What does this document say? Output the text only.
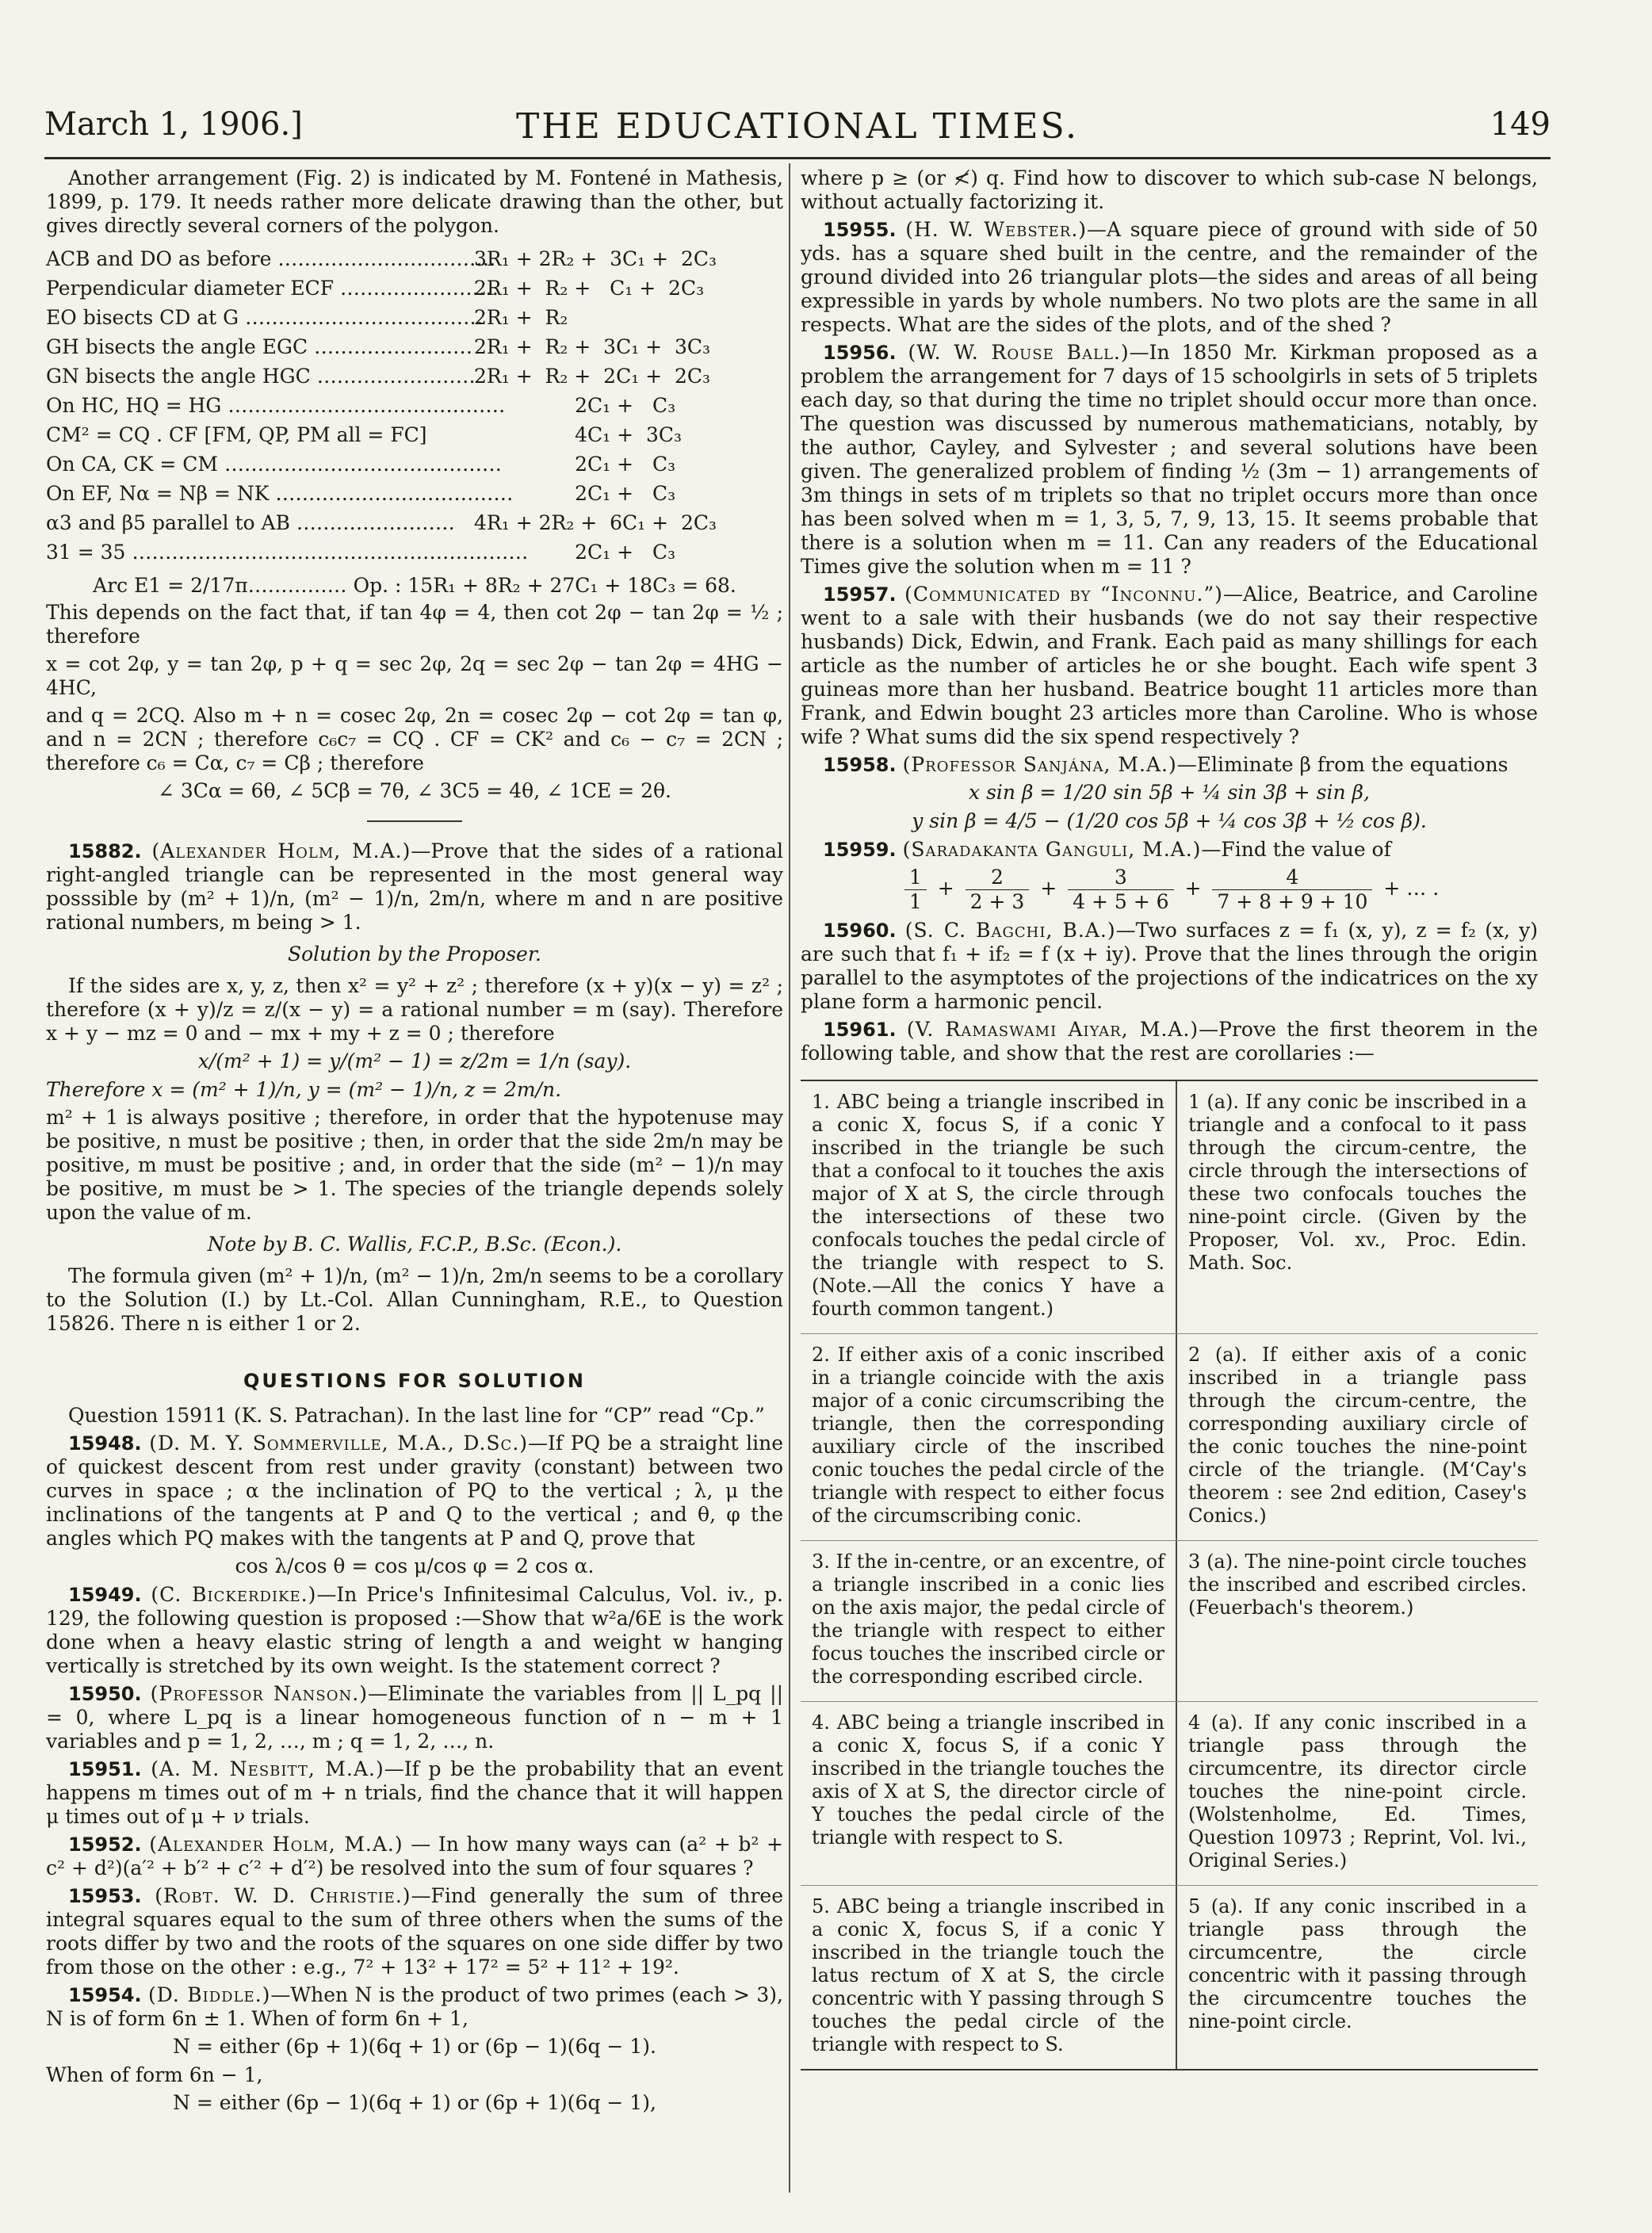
THE EDUCATIONAL TIMES.
March 1, 1906.]	149

Another arrangement (Fig. 2) is indicated by M. Fontené in Mathesis, 1899, p. 179. It needs rather more delicate drawing than the other, but gives directly several corners of the polygon.

ACB and DO as before ……………………………
3R₁ + 2R₂ +  3C₁ +  2C₃
Perpendicular diameter ECF ……………………
2R₁ +  R₂ +   C₁ +  2C₃
EO bisects CD at G ………………………………
2R₁ +  R₂
GH bisects the angle EGC …………………… 2R₁ +  R₂ +  3C₁ +  3C₃
GN bisects the angle HGC ……………………
2R₁ +  R₂ +  2C₁ +  2C₃
On HC, HQ = HG ……………………………………
2C₁ +   C₃
CM² = CQ . CF [FM, QP, PM all = FC]	4C₁ +  3C₃
On CA, CK = CM ……………………………………
2C₁ +   C₃
On EF, Nα = Nβ = NK ………………………………
2C₁ +   C₃
α3 and β5 parallel to AB …………………… 4R₁ + 2R₂ +  6C₁ +  2C₃
31 = 35 ……………………………………………………
2C₁ +   C₃

Arc E1 = 2/17π…………… Op. : 15R₁ + 8R₂ + 27C₁ + 18C₃ = 68.

This depends on the fact that, if tan 4φ = 4, then cot 2φ − tan 2φ = ½ ; therefore

x = cot 2φ, y = tan 2φ, p + q = sec 2φ, 2q = sec 2φ − tan 2φ = 4HG − 4HC,

and q = 2CQ. Also m + n = cosec 2φ, 2n = cosec 2φ − cot 2φ = tan φ, and n = 2CN ; therefore c₆c₇ = CQ . CF = CK² and c₆ − c₇ = 2CN ; therefore c₆ = Cα, c₇ = Cβ ; therefore

∠ 3Cα = 6θ, ∠ 5Cβ = 7θ, ∠ 3C5 = 4θ, ∠ 1CE = 2θ.

15882. (Alexander Holm, M.A.)—Prove that the sides of a rational right-angled triangle can be represented in the most general way posssible by (m² + 1)/n, (m² − 1)/n, 2m/n, where m and n are positive rational numbers, m being > 1.

Solution by the Proposer.

If the sides are x, y, z, then x² = y² + z² ; therefore (x + y)(x − y) = z² ; therefore (x + y)/z = z/(x − y) = a rational number = m (say). Therefore x + y − mz = 0 and − mx + my + z = 0 ; therefore

x/(m² + 1) = y/(m² − 1) = z/2m = 1/n (say).

Therefore x = (m² + 1)/n, y = (m² − 1)/n, z = 2m/n.

m² + 1 is always positive ; therefore, in order that the hypotenuse may be positive, n must be positive ; then, in order that the side 2m/n may be positive, m must be positive ; and, in order that the side (m² − 1)/n may be positive, m must be > 1. The species of the triangle depends solely upon the value of m.

Note by B. C. Wallis, F.C.P., B.Sc. (Econ.).

The formula given (m² + 1)/n, (m² − 1)/n, 2m/n seems to be a corollary to the Solution (I.) by Lt.-Col. Allan Cunningham, R.E., to Question 15826. There n is either 1 or 2.

QUESTIONS FOR SOLUTION

Question 15911 (K. S. Patrachan). In the last line for “CP” read “Cp.”

15948. (D. M. Y. Sommerville, M.A., D.Sc.)—If PQ be a straight line of quickest descent from rest under gravity (constant) between two curves in space ; α the inclination of PQ to the vertical ; λ, μ the inclinations of the tangents at P and Q to the vertical ; and θ, φ the angles which PQ makes with the tangents at P and Q, prove that

cos λ/cos θ = cos μ/cos φ = 2 cos α.

15949. (C. Bickerdike.)—In Price's Infinitesimal Calculus, Vol. iv., p. 129, the following question is proposed :—Show that w²a/6E is the work done when a heavy elastic string of length a and weight w hanging vertically is stretched by its own weight. Is the statement correct ?

15950. (Professor Nanson.)—Eliminate the variables from || L_pq || = 0, where L_pq is a linear homogeneous function of n − m + 1 variables and p = 1, 2, …, m ; q = 1, 2, …, n.

15951. (A. M. Nesbitt, M.A.)—If p be the probability that an event happens m times out of m + n trials, find the chance that it will happen μ times out of μ + ν trials.

15952. (Alexander Holm, M.A.) — In how many ways can (a² + b² + c² + d²)(a′² + b′² + c′² + d′²) be resolved into the sum of four squares ?

15953. (Robt. W. D. Christie.)—Find generally the sum of three integral squares equal to the sum of three others when the sums of the roots differ by two and the roots of the squares on one side differ by two from those on the other : e.g., 7² + 13² + 17² = 5² + 11² + 19².

15954. (D. Biddle.)—When N is the product of two primes (each > 3), N is of form 6n ± 1. When of form 6n + 1,

N = either (6p + 1)(6q + 1) or (6p − 1)(6q − 1).

When of form 6n − 1,

N = either (6p − 1)(6q + 1) or (6p + 1)(6q − 1),

where p ≥ (or ≮) q. Find how to discover to which sub-case N belongs, without actually factorizing it.

15955. (H. W. Webster.)—A square piece of ground with side of 50 yds. has a square shed built in the centre, and the remainder of the ground divided into 26 triangular plots—the sides and areas of all being expressible in yards by whole numbers. No two plots are the same in all respects. What are the sides of the plots, and of the shed ?

15956. (W. W. Rouse Ball.)—In 1850 Mr. Kirkman proposed as a problem the arrangement for 7 days of 15 schoolgirls in sets of 5 triplets each day, so that during the time no triplet should occur more than once. The question was discussed by numerous mathematicians, notably, by the author, Cayley, and Sylvester ; and several solutions have been given. The generalized problem of finding ½ (3m − 1) arrangements of 3m things in sets of m triplets so that no triplet occurs more than once has been solved when m = 1, 3, 5, 7, 9, 13, 15. It seems probable that there is a solution when m = 11. Can any readers of the Educational Times give the solution when m = 11 ?

15957. (Communicated by “Inconnu.”)—Alice, Beatrice, and Caroline went to a sale with their husbands (we do not say their respective husbands) Dick, Edwin, and Frank. Each paid as many shillings for each article as the number of articles he or she bought. Each wife spent 3 guineas more than her husband. Beatrice bought 11 articles more than Frank, and Edwin bought 23 articles more than Caroline. Who is whose wife ? What sums did the six spend respectively ?

15958. (Professor Sanjána, M.A.)—Eliminate β from the equations

x sin β = 1/20 sin 5β + ¼ sin 3β + sin β,

y sin β = 4/5 − (1/20 cos 5β + ¼ cos 3β + ½ cos β).

15959. (Saradakanta Ganguli, M.A.)—Find the value of

$\frac{1}{1} + \frac{2}{2 + 3} + \frac{3}{4 + 5 + 6} + \frac{4}{7 + 8 + 9 + 10}$ + … .

15960. (S. C. Bagchi, B.A.)—Two surfaces z = f₁ (x, y), z = f₂ (x, y) are such that f₁ + if₂ = f (x + iy). Prove that the lines through the origin parallel to the asymptotes of the projections of the indicatrices on the xy plane form a harmonic pencil.

15961. (V. Ramaswami Aiyar, M.A.)—Prove the first theorem in the following table, and show that the rest are corollaries :—

1. ABC being a triangle inscribed in a conic X, focus S, if a conic Y inscribed in the triangle be such that a confocal to it touches the axis major of X at S, the circle through the intersections of these two confocals touches the pedal circle of the triangle with respect to S. (Note.—All the conics Y have a fourth common tangent.)
1 (a). If any conic be inscribed in a triangle and a confocal to it pass through the circum-centre, the circle through the intersections of these two confocals touches the nine-point circle. (Given by the Proposer, Vol. xv., Proc. Edin. Math. Soc.
2. If either axis of a conic inscribed in a triangle coincide with the axis major of a conic circumscribing the triangle, then the corresponding auxiliary circle of the inscribed conic touches the pedal circle of the triangle with respect to either focus of the circumscribing conic.
2 (a). If either axis of a conic inscribed in a triangle pass through the circum-centre, the corresponding auxiliary circle of the conic touches the nine-point circle of the triangle. (M‘Cay's theorem : see 2nd edition, Casey's Conics.)
3. If the in-centre, or an excentre, of a triangle inscribed in a conic lies on the axis major, the pedal circle of the triangle with respect to either focus touches the inscribed circle or the corresponding escribed circle.
3 (a). The nine-point circle touches the inscribed and escribed circles. (Feuerbach's theorem.)
4. ABC being a triangle inscribed in a conic X, focus S, if a conic Y inscribed in the triangle touches the axis of X at S, the director circle of Y touches the pedal circle of the triangle with respect to S.
4 (a). If any conic inscribed in a triangle pass through the circumcentre, its director circle touches the nine-point circle. (Wolstenholme, Ed. Times, Question 10973 ; Reprint, Vol. lvi., Original Series.)
5. ABC being a triangle inscribed in a conic X, focus S, if a conic Y inscribed in the triangle touch the latus rectum of X at S, the circle concentric with Y passing through S touches the pedal circle of the triangle with respect to S.
5 (a). If any conic inscribed in a triangle pass through the circumcentre, the circle concentric with it passing through the circumcentre touches the nine-point circle.
